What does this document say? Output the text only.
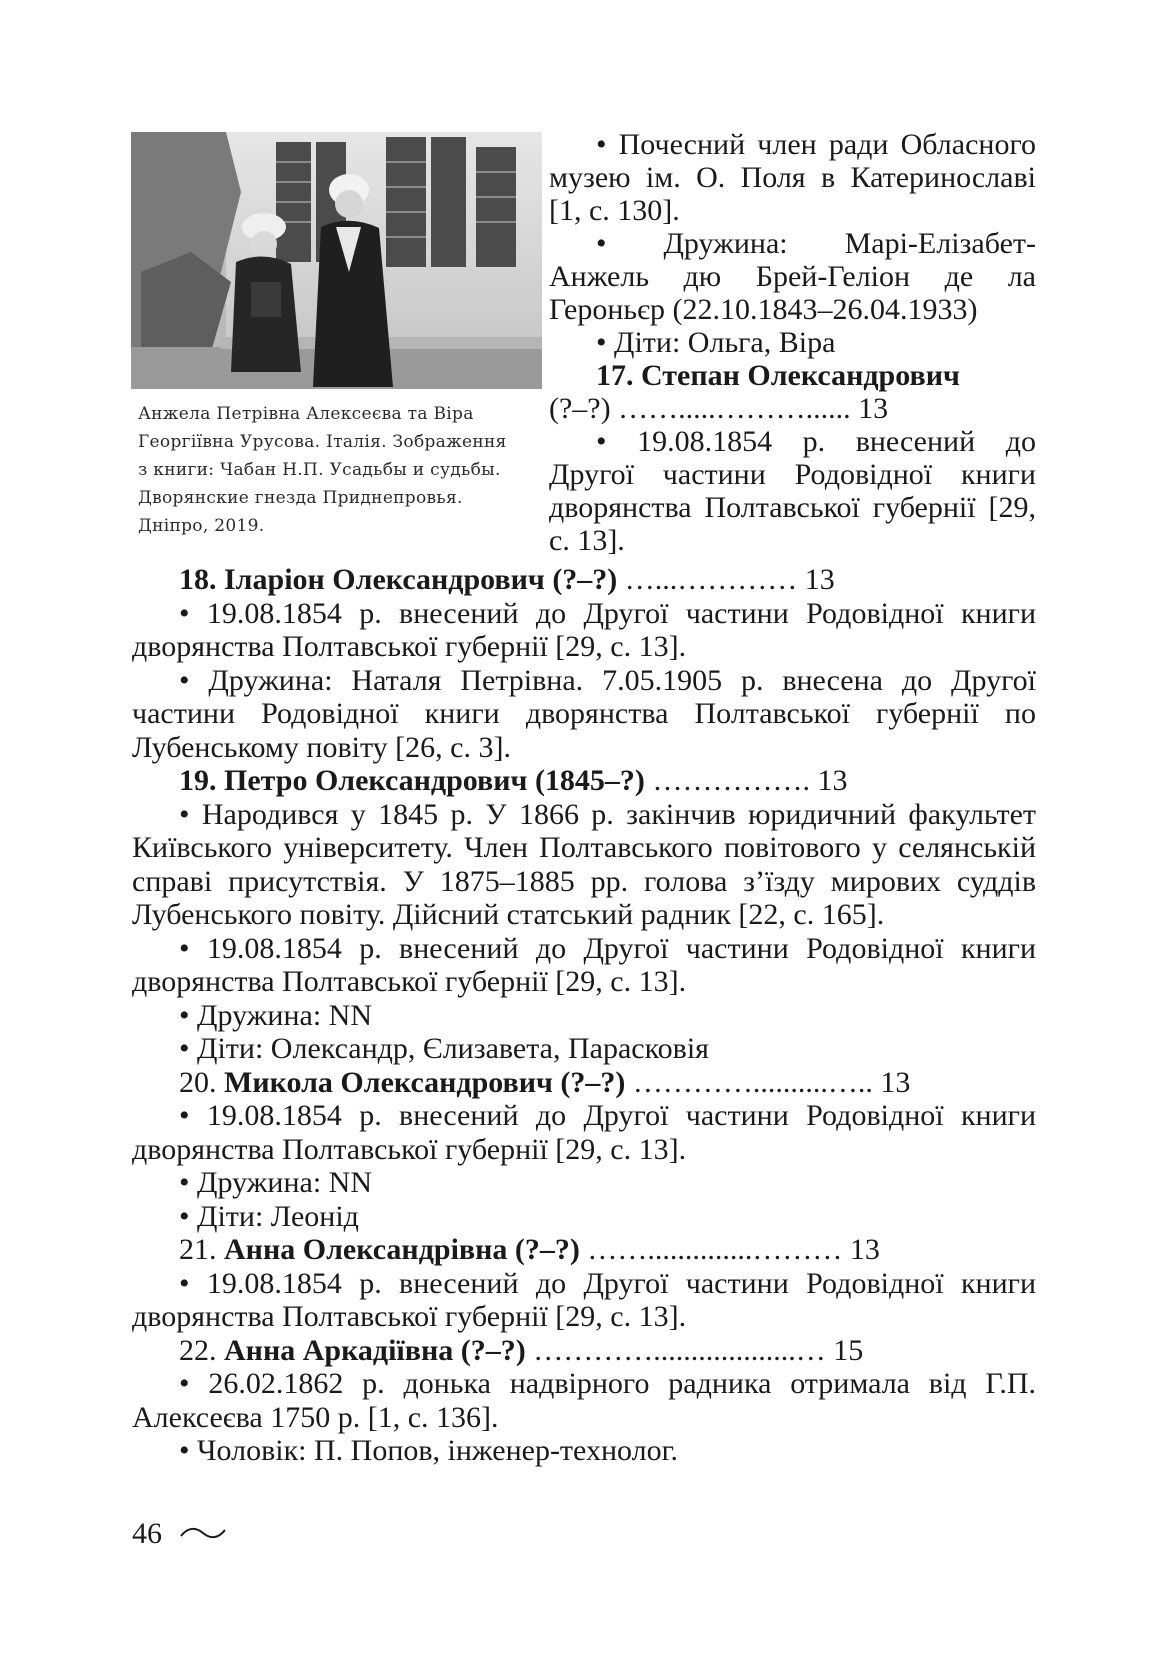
Анжела Петрівна Алексеєва та Віра
Георгіївна Урусова. Італія. Зображення
з книги: Чабан Н.П. Усадьбы и судьбы.
Дворянские гнезда Приднепровья.
Дніпро, 2019.

• Почесний член ради Обласного музею ім. О. Поля в Катеринославі [1, с. 130].

• Дружина: Марі-Елізабет-Анжель дю Брей-Геліон де ла Героньєр (22.10.1843–26.04.1933)

• Діти: Ольга, Віра

17. Степан Олександрович

(?–?) …….....………...... 13

• 19.08.1854 р. внесений до Другої частини Родовідної книги дворянства Полтавської губернії [29, с. 13].

18. Іларіон Олександрович (?–?) …...………… 13

• 19.08.1854 р. внесений до Другої частини Родовідної книги дворянства Полтавської губернії [29, с. 13].

• Дружина: Наталя Петрівна. 7.05.1905 р. внесена до Другої частини Родовідної книги дворянства Полтавської губернії по Лубенському повіту [26, с. 3].

19. Петро Олександрович (1845–?) ……………. 13

• Народився у 1845 р. У 1866 р. закінчив юридичний факультет Київського університету. Член Полтавського повітового у селянській справі присутствія. У 1875–1885 рр. голова з’їзду мирових суддів Лубенського повіту. Дійсний статський радник [22, с. 165].

• 19.08.1854 р. внесений до Другої частини Родовідної книги дворянства Полтавської губернії [29, с. 13].

• Дружина: NN

• Діти: Олександр, Єлизавета, Парасковія

20. Микола Олександрович (?–?) …………..........….. 13

• 19.08.1854 р. внесений до Другої частини Родовідної книги дворянства Полтавської губернії [29, с. 13].

• Дружина: NN

• Діти: Леонід

21. Анна Олександрівна (?–?) ……..............……… 13

• 19.08.1854 р. внесений до Другої частини Родовідної книги дворянства Полтавської губернії [29, с. 13].

22. Анна Аркадіївна (?–?) …………...................… 15

• 26.02.1862 р. донька надвірного радника отримала від Г.П. Алексеєва 1750 р. [1, с. 136].

• Чоловік: П. Попов, інженер-технолог.

46
